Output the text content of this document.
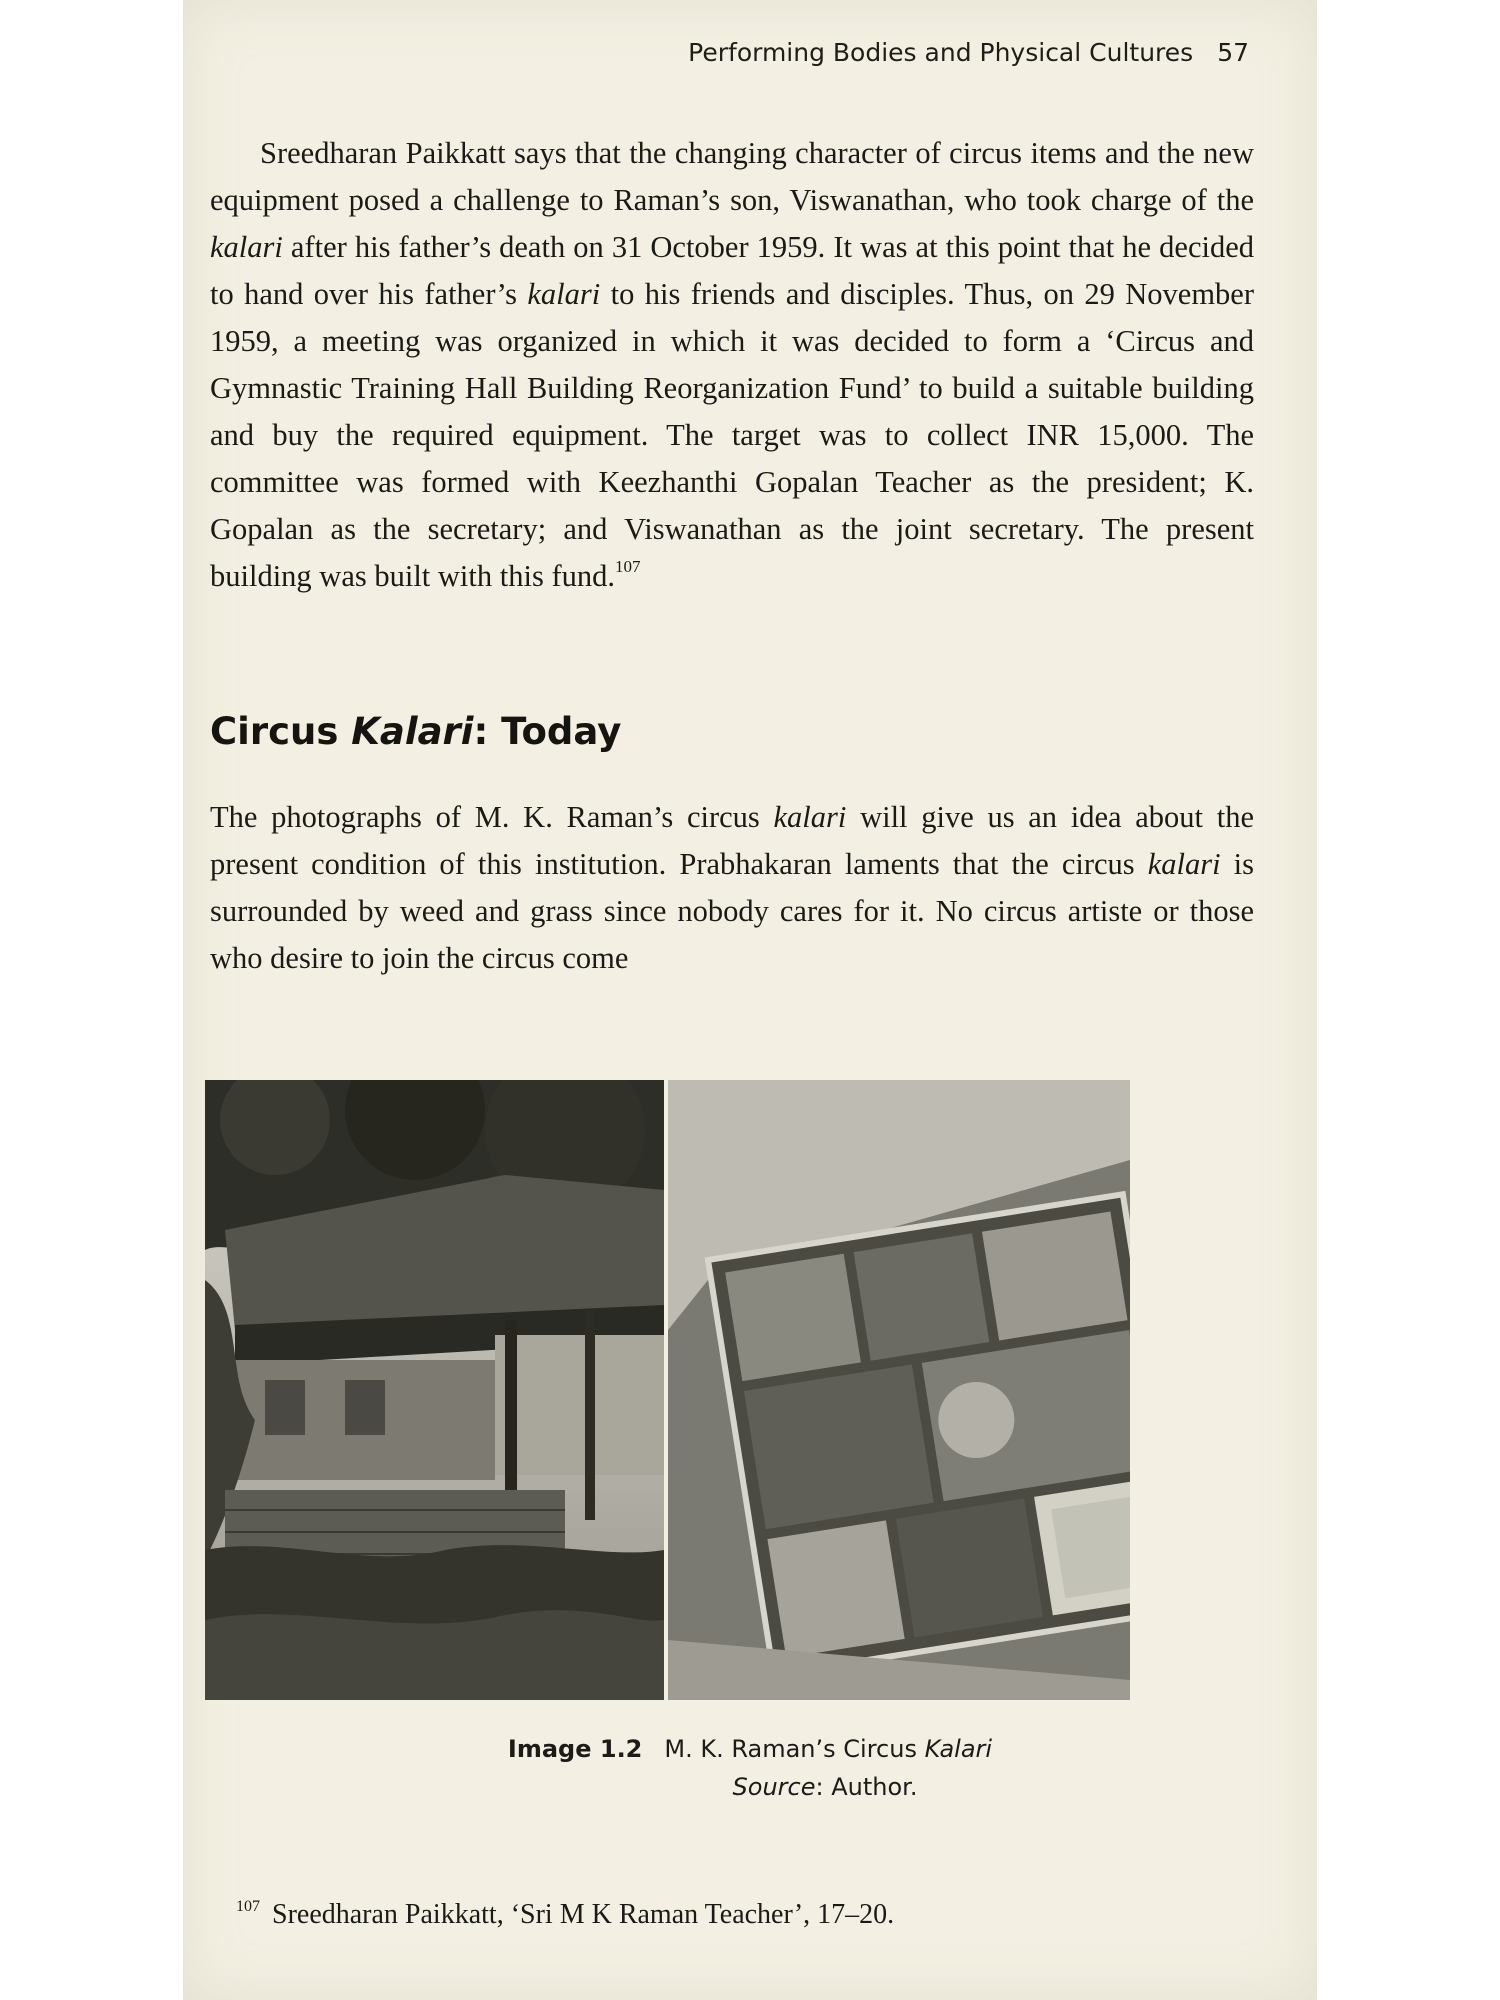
Performing Bodies and Physical Cultures 57

Sreedharan Paikkatt says that the changing character of circus items and the new equipment posed a challenge to Raman’s son, Viswanathan, who took charge of the kalari after his father’s death on 31 October 1959. It was at this point that he decided to hand over his father’s kalari to his friends and disciples. Thus, on 29 November 1959, a meeting was organized in which it was decided to form a ‘Circus and Gymnastic Training Hall Building Reorganization Fund’ to build a suitable building and buy the required equipment. The target was to collect INR 15,000. The committee was formed with Keezhanthi Gopalan Teacher as the president; K. Gopalan as the secretary; and Viswanathan as the joint secretary. The present building was built with this fund.$^{107}$

Circus Kalari: Today

The photographs of M. K. Raman’s circus kalari will give us an idea about the present condition of this institution. Prabhakaran laments that the circus kalari is surrounded by weed and grass since nobody cares for it. No circus artiste or those who desire to join the circus come

Image 1.2 M. K. Raman’s Circus Kalari
Source: Author.
$^{107}$ Sreedharan Paikkatt, ‘Sri M K Raman Teacher’, 17–20.
